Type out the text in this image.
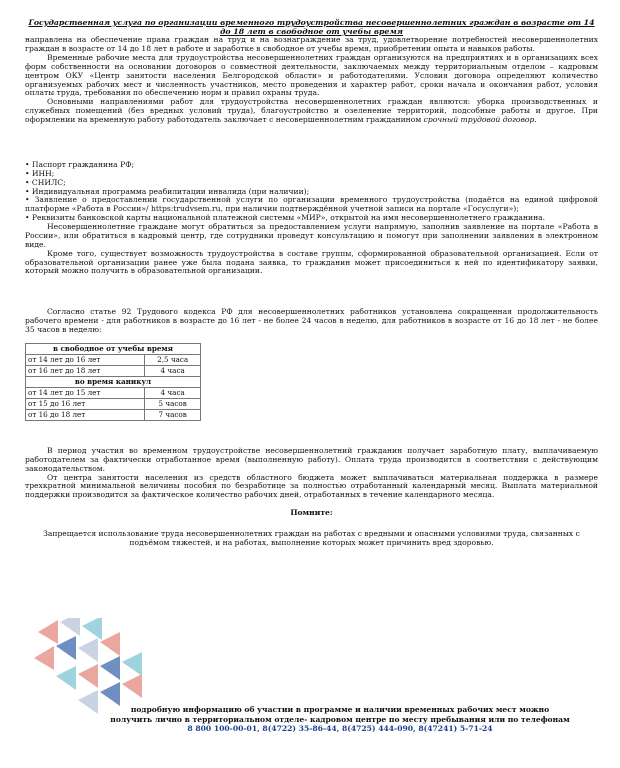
Государственная услуга по организации временного трудоустройства несовершеннолетних граждан в возрасте от 14 до 18 лет в свободное от учебы время

направлена на обеспечение права граждан на труд и на вознаграждение за труд, удовлетворение потребностей несовершеннолетних граждан в возрасте от 14 до 18 лет в работе и заработке в свободное от учебы время, приобретении опыта и навыков работы.

Временные рабочие места для трудоустройства несовершеннолетних граждан организуются на предприятиях и в организациях всех форм собственности на основании договоров о совместной деятельности, заключаемых между территориальным отделом – кадровым центром ОКУ «Центр занятости населения Белгородской области» и работодателями. Условия договора определяют количество организуемых рабочих мест и численность участников, место проведения и характер работ, сроки начала и окончания работ, условия оплаты труда, требования по обеспечению норм и правил охраны труда.

Основными направлениями работ для трудоустройства несовершеннолетних граждан являются: уборка производственных и служебных помещений (без вредных условий труда), благоустройство и озеленение территорий, подсобные работы и другое. При оформлении на временную работу работодатель заключает с несовершеннолетним гражданином срочный трудовой договор.

• Паспорт гражданина РФ;

• ИНН;

• СНИЛС;

• Индивидуальная программа реабилитации инвалида (при наличии);

• Заявление о предоставлении государственной услуги по организации временного трудоустройства (подаётся на единой цифровой платформе «Работа в России»/ https:trudvsem.ru, при наличии подтверждённой учетной записи на портале «Госуслуги»);

• Реквизиты банковской карты национальной платежной системы «МИР», открытой на имя несовершеннолетнего гражданина.

Несовершеннолетние граждане могут обратиться за предоставлением услуги напрямую, заполнив заявление на портале «Работа в России», или обратиться в кадровый центр, где сотрудники проведут консультацию и помогут при заполнении заявления в электронном виде.

Кроме того, существует возможность трудоустройства в составе группы, сформированной образовательной организацией. Если от образовательной организации ранее уже была подана заявка, то гражданин может присоединиться к ней по идентификатору заявки, который можно получить в образовательной организации.

Согласно статье 92 Трудового кодекса РФ для несовершеннолетних работников установлена сокращенная продолжительность рабочего времени - для работников в возрасте до 16 лет - не более 24 часов в неделю, для работников в возрасте от 16 до 18 лет - не более 35 часов в неделю:

в свободное от учебы время	
от 14 лет до 16 лет	2,5 часа
от 16 лет до 18 лет	4 часа
во время каникул	
от 14 лет до 15 лет	4 часа
от 15 до 16 лет	5 часов
от 16 до 18 лет	7 часов

В период участия во временном трудоустройстве несовершеннолетний гражданин получает заработную плату, выплачиваемую работодателем за фактически отработанное время (выполненную работу). Оплата труда производится в соответствии с действующим законодательством.

От центра занятости населения из средств областного бюджета может выплачиваться материальная поддержка в размере трехкратной минимальной величины пособия по безработице за полностью отработанный календарный месяц. Выплата материальной поддержки производится за фактическое количество рабочих дней, отработанных в течение календарного месяца.

Помните:
Запрещается использование труда несовершеннолетних граждан на работах с вредными и опасными условиями труда, связанных с подъёмом тяжестей, и на работах, выполнение которых может причинить вред здоровью.
подробную информацию об участии в программе и наличии временных рабочих мест можно
получить лично в территориальном отделе- кадровом центре по месту пребывания или по телефонам
8 800 100-00-01, 8(4722) 35-86-44, 8(4725) 444-090, 8(47241) 5-71-24
